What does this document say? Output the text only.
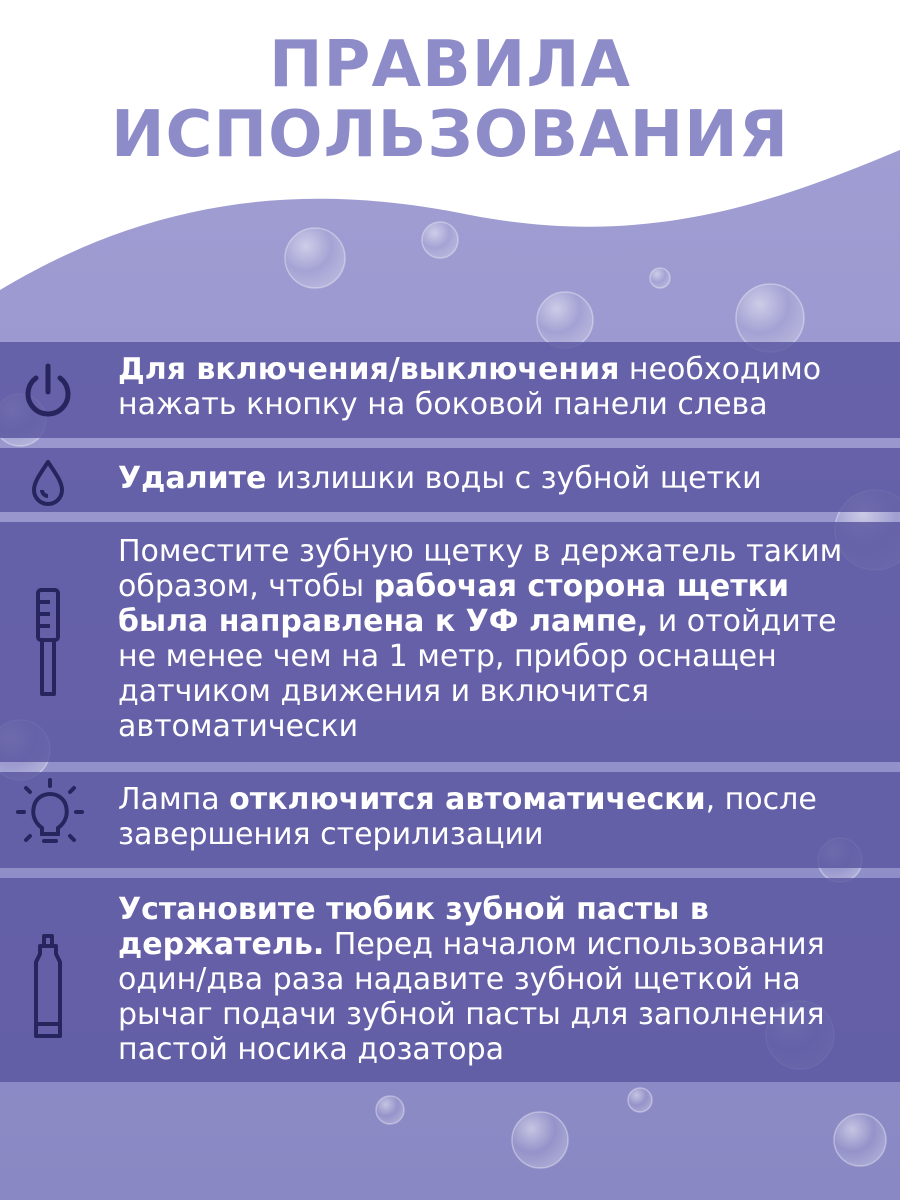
ПРАВИЛА
ИСПОЛЬЗОВАНИЯ
Для включения/выключения необходимо нажать кнопку на боковой панели слева
Удалите излишки воды с зубной щетки
Поместите зубную щетку в держатель таким образом, чтобы рабочая сторона щетки была направлена к УФ лампе, и отойдите не менее чем на 1 метр, прибор оснащен датчиком движения и включится автоматически
Лампа отключится автоматически, после завершения стерилизации
Установите тюбик зубной пасты в держатель. Перед началом использования один/два раза надавите зубной щеткой на рычаг подачи зубной пасты для заполнения пастой носика дозатора
